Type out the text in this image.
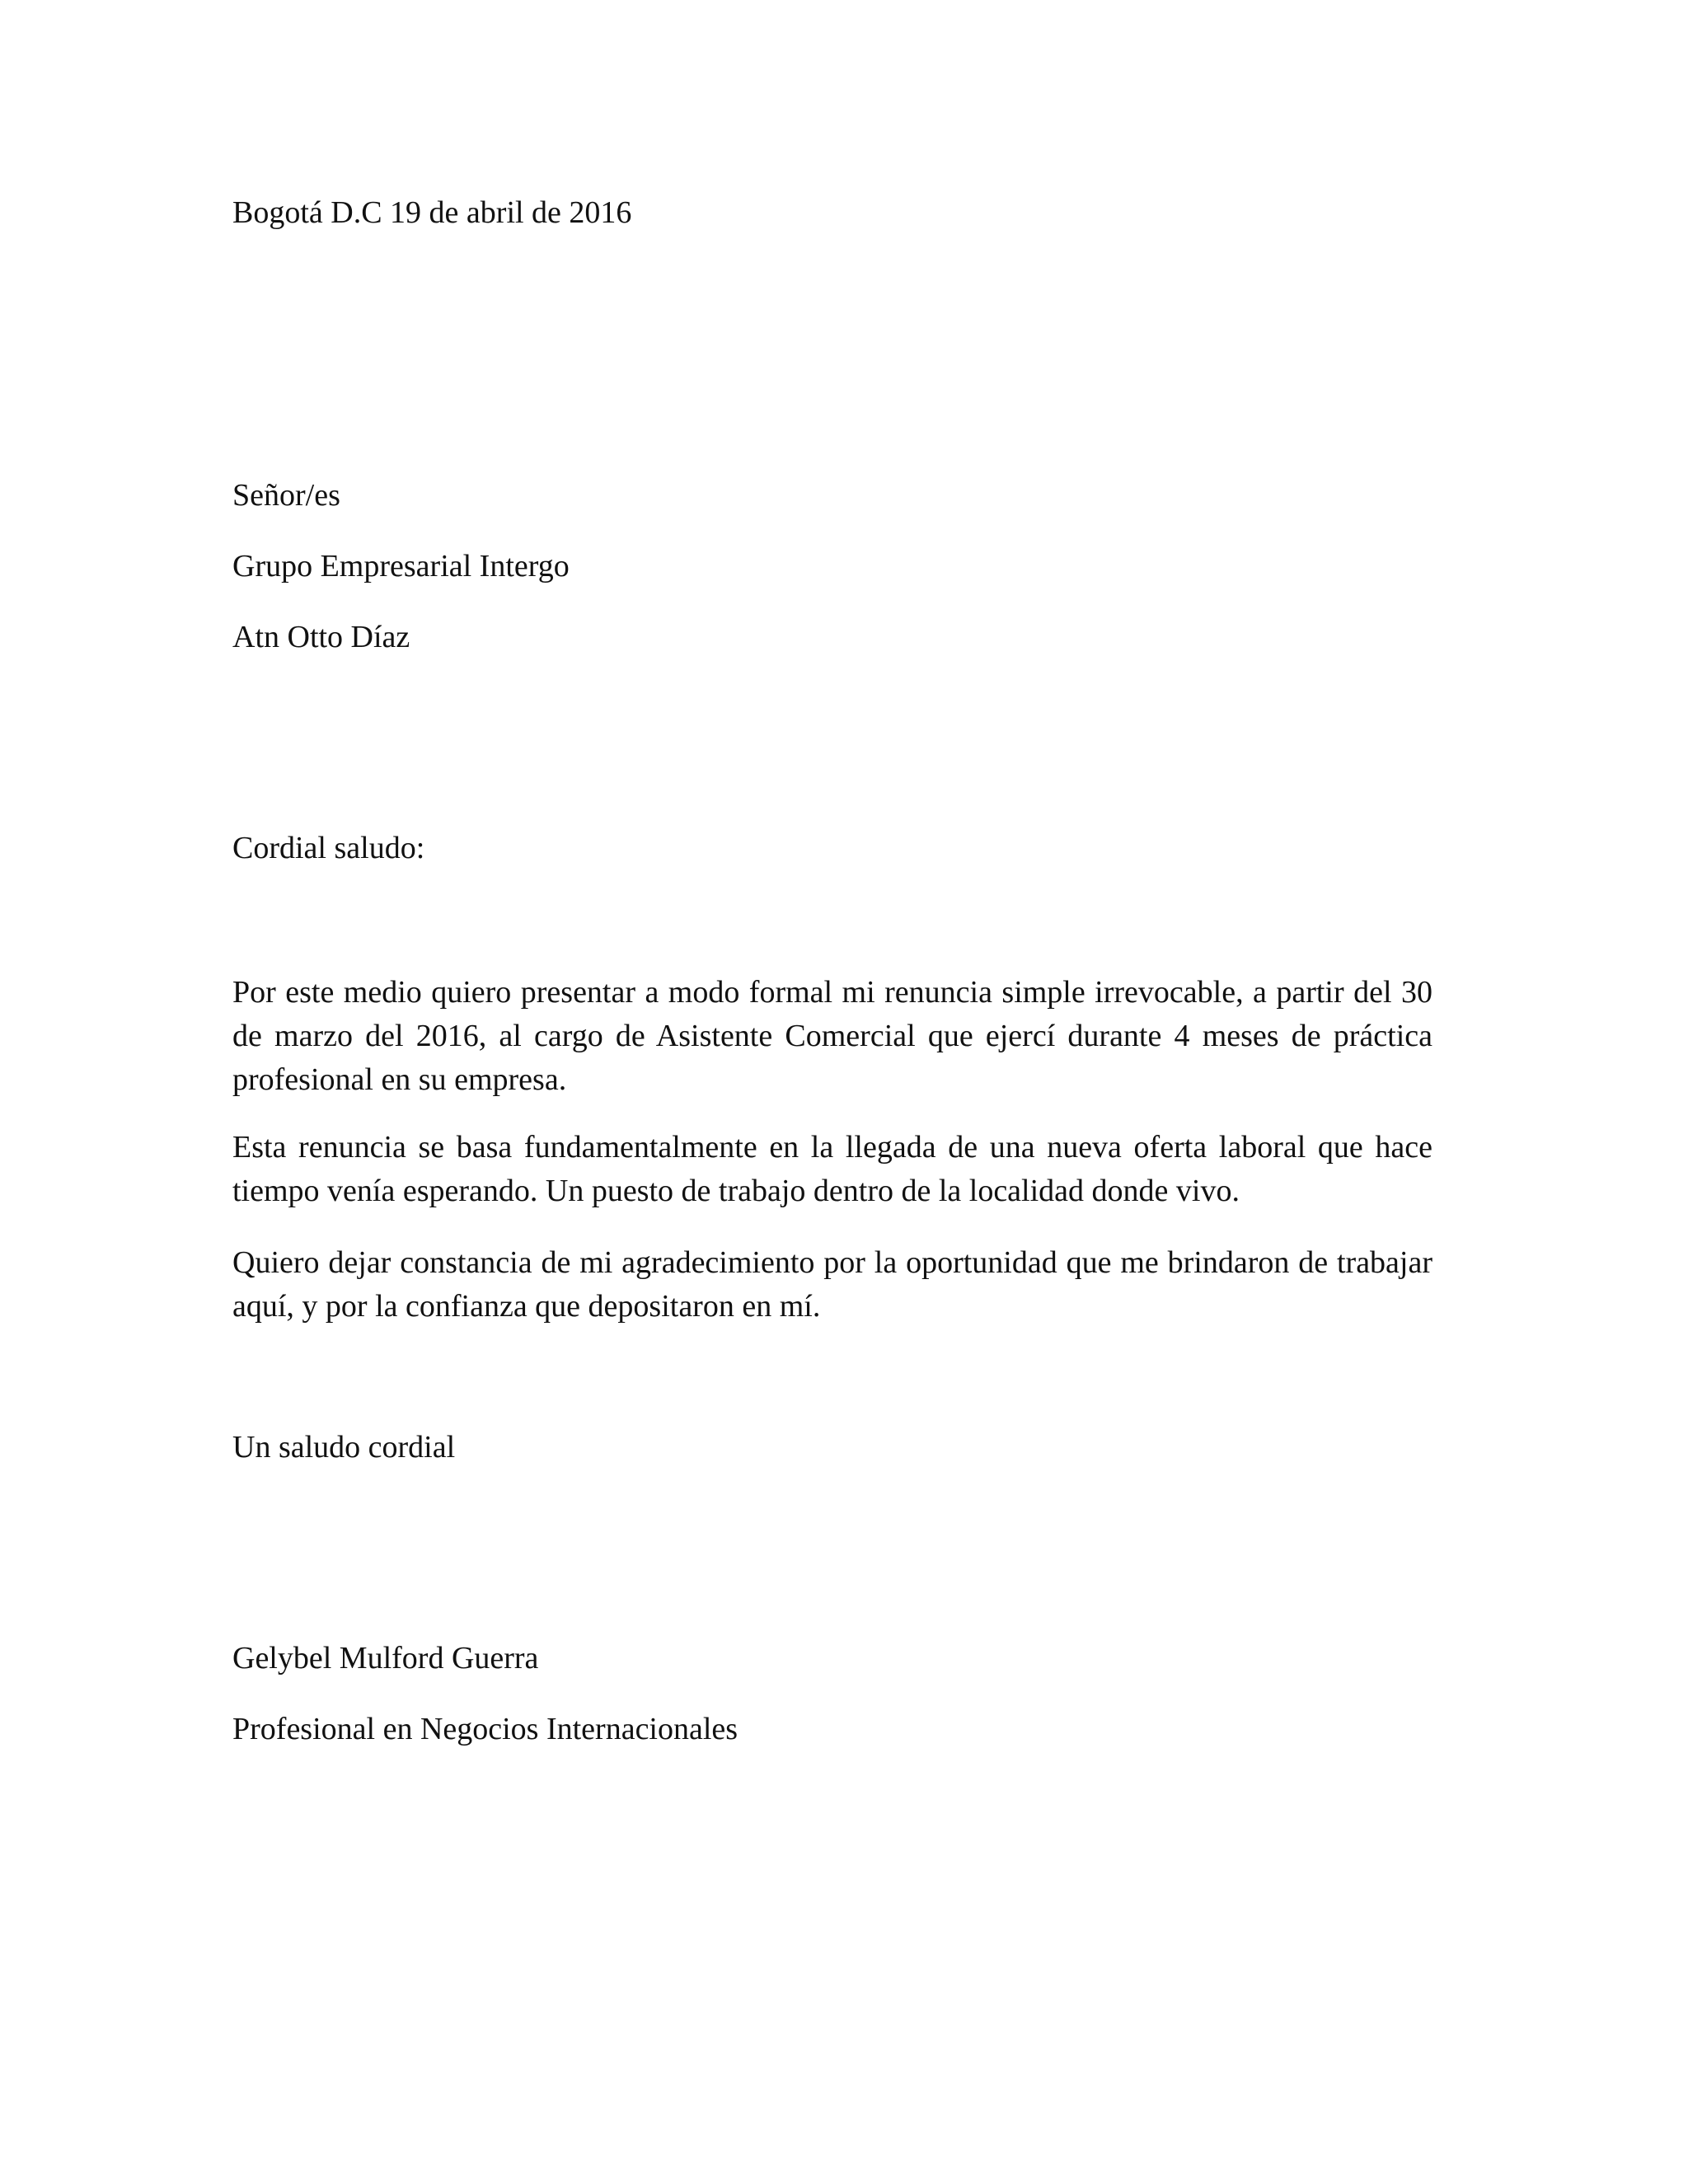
Bogotá D.C 19 de abril de 2016

Señor/es

Grupo Empresarial Intergo

Atn Otto Díaz

Cordial saludo:

Por este medio quiero presentar a modo formal mi renuncia simple irrevocable, a partir del 30 de marzo del 2016, al cargo de Asistente Comercial que ejercí durante 4 meses de práctica profesional en su empresa.

Esta renuncia se basa fundamentalmente en la llegada de una nueva oferta laboral que hace tiempo venía esperando. Un puesto de trabajo dentro de la localidad donde vivo.

Quiero dejar constancia de mi agradecimiento por la oportunidad que me brindaron de trabajar aquí, y por la confianza que depositaron en mí.

Un saludo cordial

Gelybel Mulford Guerra

Profesional en Negocios Internacionales
